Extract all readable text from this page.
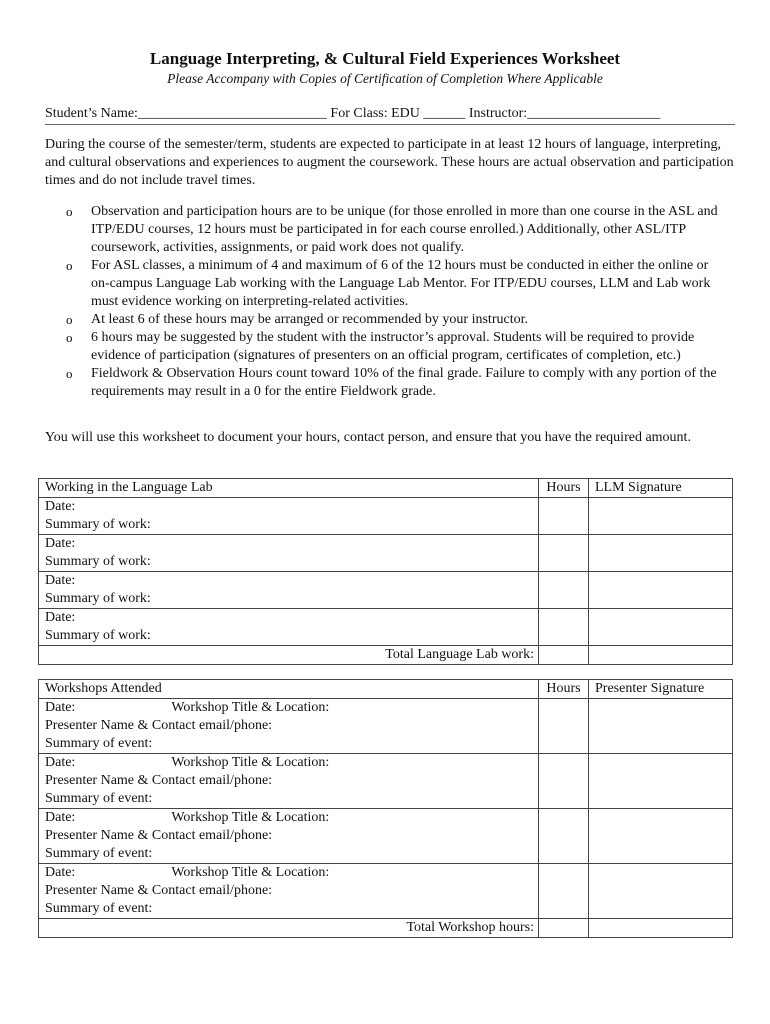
Language Interpreting, & Cultural Field Experiences Worksheet
Please Accompany with Copies of Certification of Completion Where Applicable
Student’s Name:___________________________ For Class: EDU ______ Instructor:___________________
During the course of the semester/term, students are expected to participate in at least 12 hours of language, interpreting, and cultural observations and experiences to augment the coursework. These hours are actual observation and participation times and do not include travel times.
o Observation and participation hours are to be unique (for those enrolled in more than one course in the ASL and ITP/EDU courses, 12 hours must be participated in for each course enrolled.) Additionally, other ASL/ITP coursework, activities, assignments, or paid work does not qualify.
o For ASL classes, a minimum of 4 and maximum of 6 of the 12 hours must be conducted in either the online or on-campus Language Lab working with the Language Lab Mentor. For ITP/EDU courses, LLM and Lab work must evidence working on interpreting-related activities.
o At least 6 of these hours may be arranged or recommended by your instructor.
o 6 hours may be suggested by the student with the instructor’s approval. Students will be required to provide evidence of participation (signatures of presenters on an official program, certificates of completion, etc.)
o Fieldwork & Observation Hours count toward 10% of the final grade. Failure to comply with any portion of the requirements may result in a 0 for the entire Fieldwork grade.
You will use this worksheet to document your hours, contact person, and ensure that you have the required amount.
Working in the Language Lab	Hours	LLM Signature

Date:
Summary of work:		

Date:
Summary of work:		

Date:
Summary of work:		

Date:
Summary of work:		

Total Language Lab work:		
Workshops Attended	Hours	Presenter Signature

Date: Workshop Title & Location:
Presenter Name & Contact email/phone:
Summary of event:		

Date: Workshop Title & Location:
Presenter Name & Contact email/phone:
Summary of event:		

Date: Workshop Title & Location:
Presenter Name & Contact email/phone:
Summary of event:		

Date: Workshop Title & Location:
Presenter Name & Contact email/phone:
Summary of event:		

Total Workshop hours:		
